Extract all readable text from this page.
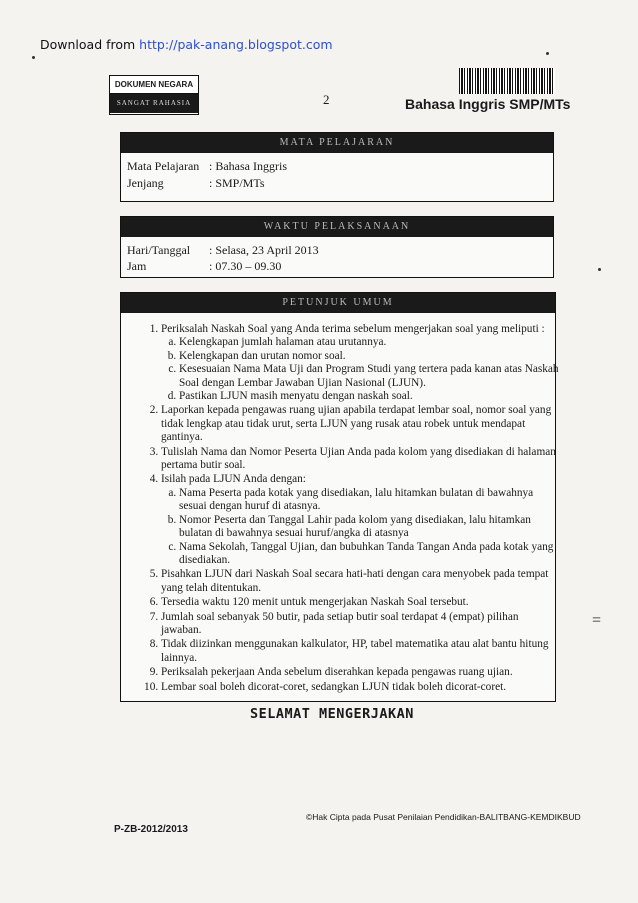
Download from http://pak-anang.blogspot.com
DOKUMEN NEGARA
SANGAT RAHASIA	2	Bahasa Inggris SMP/MTs
MATA PELAJARAN
Mata Pelajaran : Bahasa Inggris
Jenjang	: SMP/MTs
WAKTU PELAKSANAAN
Hari/Tanggal : Selasa, 23 April 2013
Jam	: 07.30 – 09.30
PETUNJUK UMUM
1. Periksalah Naskah Soal yang Anda terima sebelum mengerjakan soal yang meliputi :
a. Kelengkapan jumlah halaman atau urutannya.
b. Kelengkapan dan urutan nomor soal.
c. Kesesuaian Nama Mata Uji dan Program Studi yang tertera pada kanan atas Naskah Soal dengan Lembar Jawaban Ujian Nasional (LJUN).
d. Pastikan LJUN masih menyatu dengan naskah soal.
2. Laporkan kepada pengawas ruang ujian apabila terdapat lembar soal, nomor soal yang tidak lengkap atau tidak urut, serta LJUN yang rusak atau robek untuk mendapat gantinya.
3. Tulislah Nama dan Nomor Peserta Ujian Anda pada kolom yang disediakan di halaman pertama butir soal.
4. Isilah pada LJUN Anda dengan:
a. Nama Peserta pada kotak yang disediakan, lalu hitamkan bulatan di bawahnya sesuai dengan huruf di atasnya.
b. Nomor Peserta dan Tanggal Lahir pada kolom yang disediakan, lalu hitamkan bulatan di bawahnya sesuai huruf/angka di atasnya
c. Nama Sekolah, Tanggal Ujian, dan bubuhkan Tanda Tangan Anda pada kotak yang disediakan.
5. Pisahkan LJUN dari Naskah Soal secara hati-hati dengan cara menyobek pada tempat yang telah ditentukan.
6. Tersedia waktu 120 menit untuk mengerjakan Naskah Soal tersebut.
7. Jumlah soal sebanyak 50 butir, pada setiap butir soal terdapat 4 (empat) pilihan jawaban.
8. Tidak diizinkan menggunakan kalkulator, HP, tabel matematika atau alat bantu hitung lainnya.
9. Periksalah pekerjaan Anda sebelum diserahkan kepada pengawas ruang ujian.
10. Lembar soal boleh dicorat-coret, sedangkan LJUN tidak boleh dicorat-coret.
SELAMAT MENGERJAKAN
P-ZB-2012/2013
©Hak Cipta pada Pusat Penilaian Pendidikan-BALITBANG-KEMDIKBUD
=
